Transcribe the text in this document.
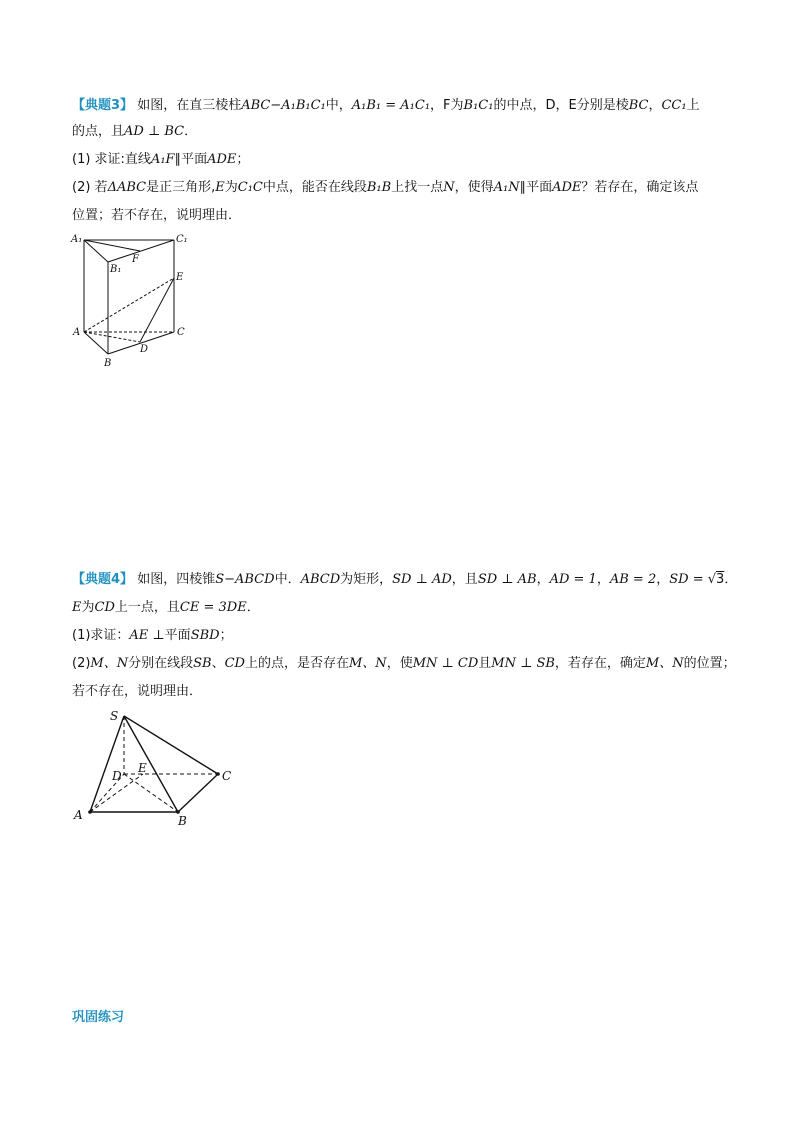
【典题3】 如图，在直三棱柱ABC−A₁B₁C₁中，A₁B₁ = A₁C₁，F为B₁C₁的中点，D，E分别是棱BC，CC₁上
的点，且AD ⊥ BC．
(1) 求证:直线A₁F∥平面ADE；
(2) 若ΔABC是正三角形,E为C₁C中点，能否在线段B₁B上找一点N，使得A₁N∥平面ADE？若存在，确定该点
位置；若不存在，说明理由．
A₁	C₁
B₁
F
E
A	C
D
B
【典题4】 如图，四棱锥S−ABCD中．ABCD为矩形，SD ⊥ AD，且SD ⊥ AB，AD = 1，AB = 2，SD = √3．
E为CD上一点，且CE = 3DE．
(1)求证：AE ⊥平面SBD；
(2)M、N分别在线段SB、CD上的点，是否存在M、N，使MN ⊥ CD且MN ⊥ SB，若存在，确定M、N的位置；
若不存在，说明理由．
S
D
E
C
A	B
巩固练习
